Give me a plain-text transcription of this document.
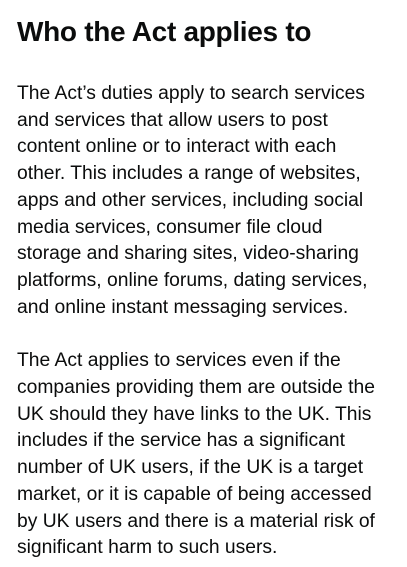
Who the Act applies to

The Act’s duties apply to search services
and services that allow users to post
content online or to interact with each
other. This includes a range of websites,
apps and other services, including social
media services, consumer file cloud
storage and sharing sites, video-sharing
platforms, online forums, dating services,
and online instant messaging services.

The Act applies to services even if the
companies providing them are outside the
UK should they have links to the UK. This
includes if the service has a significant
number of UK users, if the UK is a target
market, or it is capable of being accessed
by UK users and there is a material risk of
significant harm to such users.
